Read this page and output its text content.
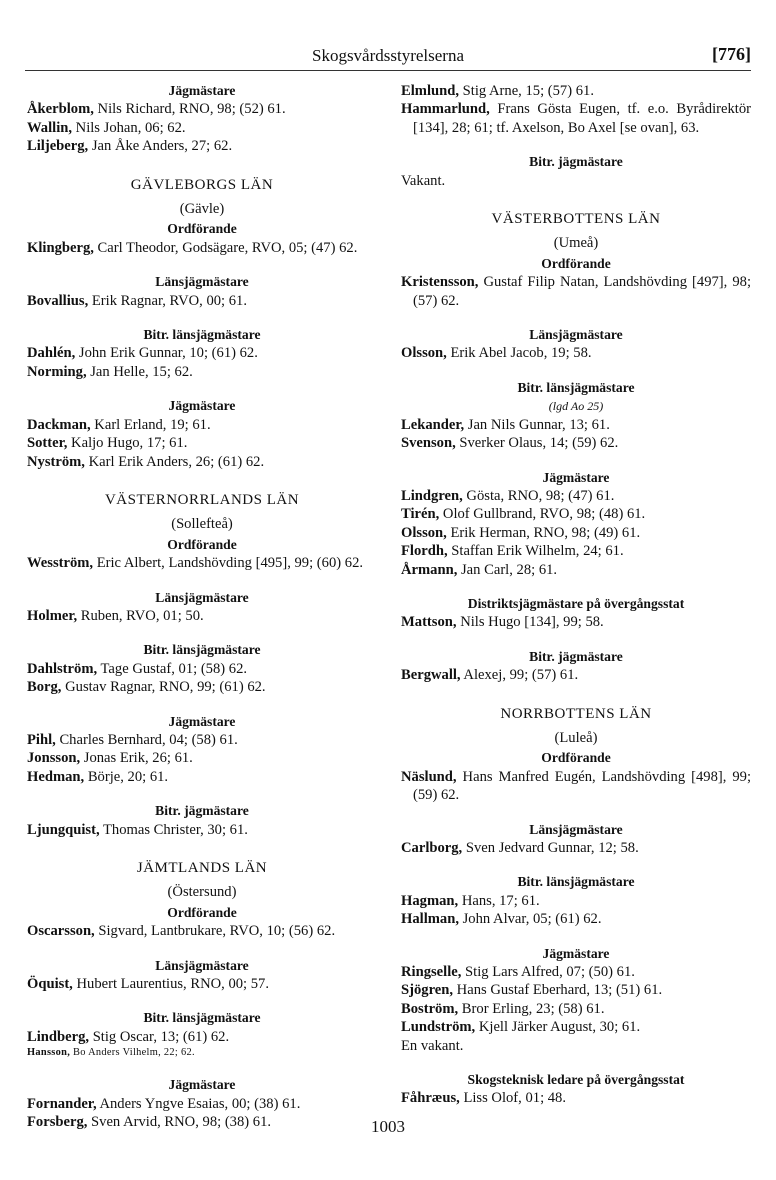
Skogsvårdsstyrelserna	[776]
Jägmästare
Åkerblom, Nils Richard, RNO, 98; (52) 61.
Wallin, Nils Johan, 06; 62.
Liljeberg, Jan Åke Anders, 27; 62.
GÄVLEBORGS LÄN
(Gävle)
Ordförande
Klingberg, Carl Theodor, Godsägare, RVO, 05; (47) 62.
Länsjägmästare
Bovallius, Erik Ragnar, RVO, 00; 61.
Bitr. länsjägmästare
Dahlén, John Erik Gunnar, 10; (61) 62.
Norming, Jan Helle, 15; 62.
Jägmästare
Dackman, Karl Erland, 19; 61.
Sotter, Kaljo Hugo, 17; 61.
Nyström, Karl Erik Anders, 26; (61) 62.
VÄSTERNORRLANDS LÄN
(Sollefteå)
Ordförande
Wesström, Eric Albert, Landshövding [495], 99; (60) 62.
Länsjägmästare
Holmer, Ruben, RVO, 01; 50.
Bitr. länsjägmästare
Dahlström, Tage Gustaf, 01; (58) 62.
Borg, Gustav Ragnar, RNO, 99; (61) 62.
Jägmästare
Pihl, Charles Bernhard, 04; (58) 61.
Jonsson, Jonas Erik, 26; 61.
Hedman, Börje, 20; 61.
Bitr. jägmästare
Ljungquist, Thomas Christer, 30; 61.
JÄMTLANDS LÄN
(Östersund)
Ordförande
Oscarsson, Sigvard, Lantbrukare, RVO, 10; (56) 62.
Länsjägmästare
Öquist, Hubert Laurentius, RNO, 00; 57.
Bitr. länsjägmästare
Lindberg, Stig Oscar, 13; (61) 62.
Hansson, Bo Anders Vilhelm, 22; 62.
Jägmästare
Fornander, Anders Yngve Esaias, 00; (38) 61.
Forsberg, Sven Arvid, RNO, 98; (38) 61.
Elmlund, Stig Arne, 15; (57) 61.
Hammarlund, Frans Gösta Eugen, tf. e.o. Byrådirektör [134], 28; 61; tf. Axelson, Bo Axel [se ovan], 63.
Bitr. jägmästare
Vakant.
VÄSTERBOTTENS LÄN
(Umeå)
Ordförande
Kristensson, Gustaf Filip Natan, Landshövding [497], 98; (57) 62.
Länsjägmästare
Olsson, Erik Abel Jacob, 19; 58.
Bitr. länsjägmästare
(lgd Ao 25)
Lekander, Jan Nils Gunnar, 13; 61.
Svenson, Sverker Olaus, 14; (59) 62.
Jägmästare
Lindgren, Gösta, RNO, 98; (47) 61.
Tirén, Olof Gullbrand, RVO, 98; (48) 61.
Olsson, Erik Herman, RNO, 98; (49) 61.
Flordh, Staffan Erik Wilhelm, 24; 61.
Årmann, Jan Carl, 28; 61.
Distriktsjägmästare på övergångsstat
Mattson, Nils Hugo [134], 99; 58.
Bitr. jägmästare
Bergwall, Alexej, 99; (57) 61.
NORRBOTTENS LÄN
(Luleå)
Ordförande
Näslund, Hans Manfred Eugén, Landshövding [498], 99; (59) 62.
Länsjägmästare
Carlborg, Sven Jedvard Gunnar, 12; 58.
Bitr. länsjägmästare
Hagman, Hans, 17; 61.
Hallman, John Alvar, 05; (61) 62.
Jägmästare
Ringselle, Stig Lars Alfred, 07; (50) 61.
Sjögren, Hans Gustaf Eberhard, 13; (51) 61.
Boström, Bror Erling, 23; (58) 61.
Lundström, Kjell Järker August, 30; 61.
En vakant.
Skogsteknisk ledare på övergångsstat
Fåhræus, Liss Olof, 01; 48.
1003
